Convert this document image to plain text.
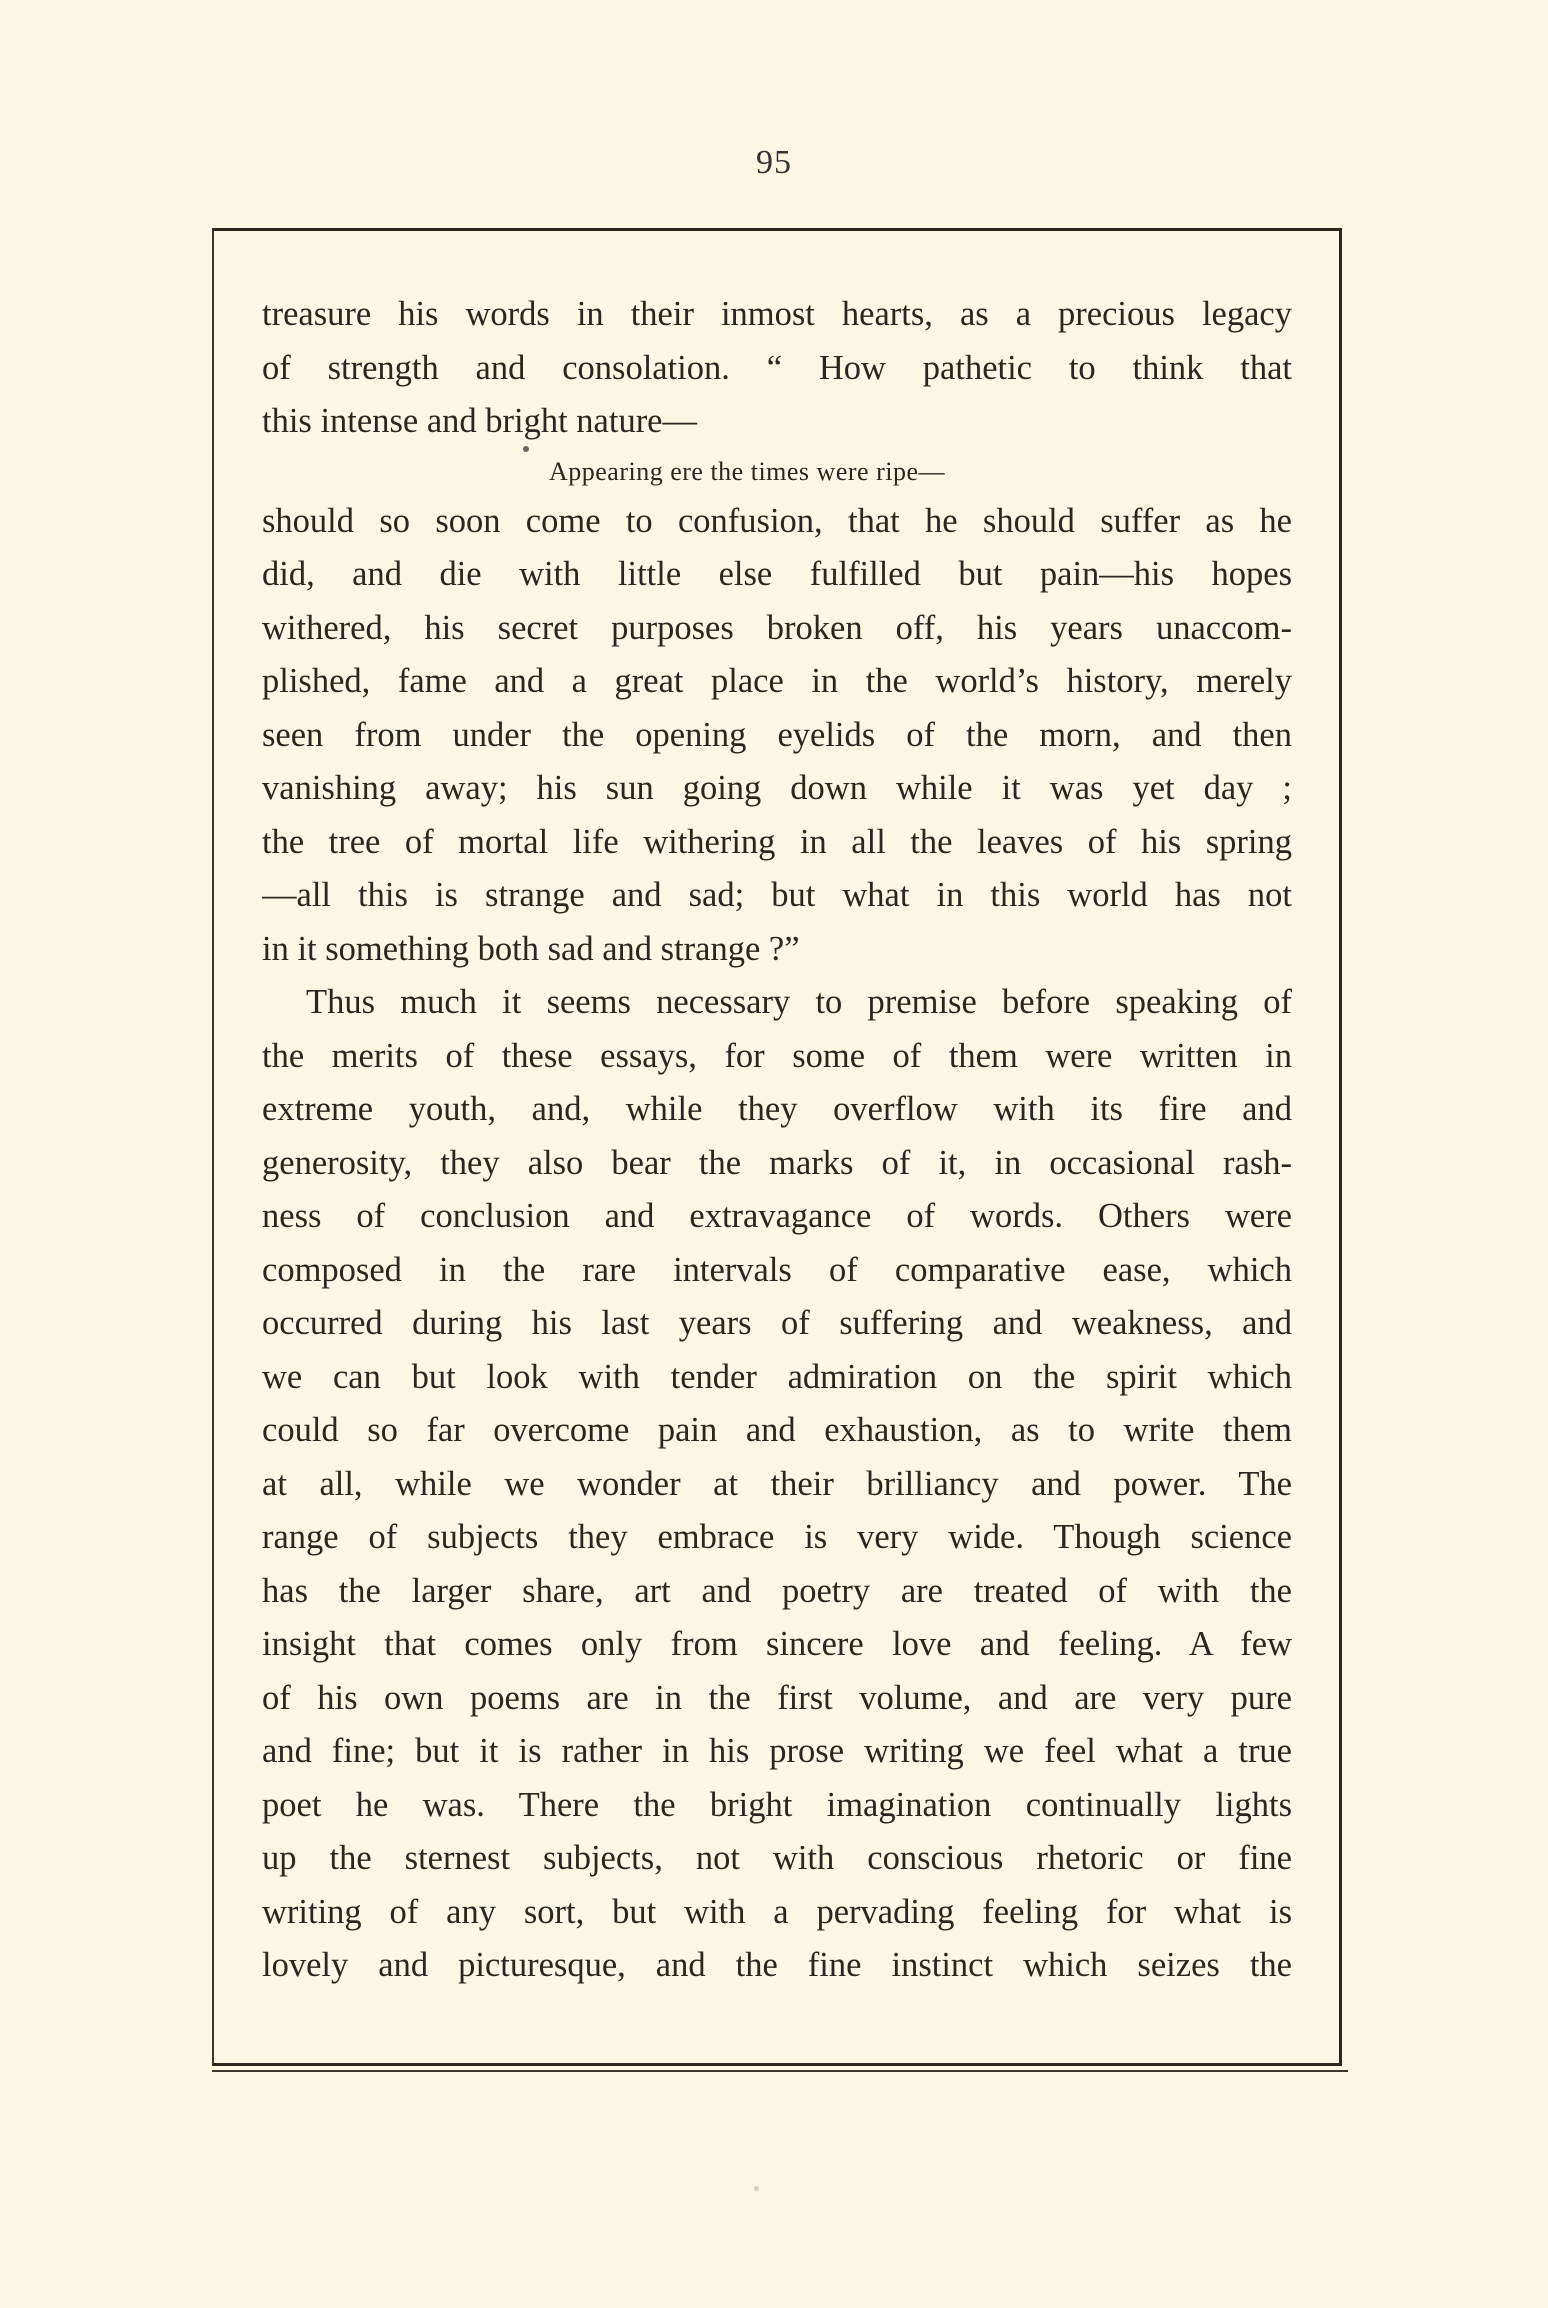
95
treasure his words in their inmost hearts, as a precious legacy
of strength and consolation. “ How pathetic to think that
this intense and bright nature—
Appearing ere the times were ripe—
should so soon come to confusion, that he should suffer as he
did, and die with little else fulfilled but pain—his hopes
withered, his secret purposes broken off, his years unaccom-
plished, fame and a great place in the world’s history, merely
seen from under the opening eyelids of the morn, and then
vanishing away; his sun going down while it was yet day ;
the tree of mortal life withering in all the leaves of his spring
—all this is strange and sad; but what in this world has not
in it something both sad and strange ?”
Thus much it seems necessary to premise before speaking of
the merits of these essays, for some of them were written in
extreme youth, and, while they overflow with its fire and
generosity, they also bear the marks of it, in occasional rash-
ness of conclusion and extravagance of words. Others were
composed in the rare intervals of comparative ease, which
occurred during his last years of suffering and weakness, and
we can but look with tender admiration on the spirit which
could so far overcome pain and exhaustion, as to write them
at all, while we wonder at their brilliancy and power. The
range of subjects they embrace is very wide. Though science
has the larger share, art and poetry are treated of with the
insight that comes only from sincere love and feeling. A few
of his own poems are in the first volume, and are very pure
and fine; but it is rather in his prose writing we feel what a true
poet he was. There the bright imagination continually lights
up the sternest subjects, not with conscious rhetoric or fine
writing of any sort, but with a pervading feeling for what is
lovely and picturesque, and the fine instinct which seizes the
